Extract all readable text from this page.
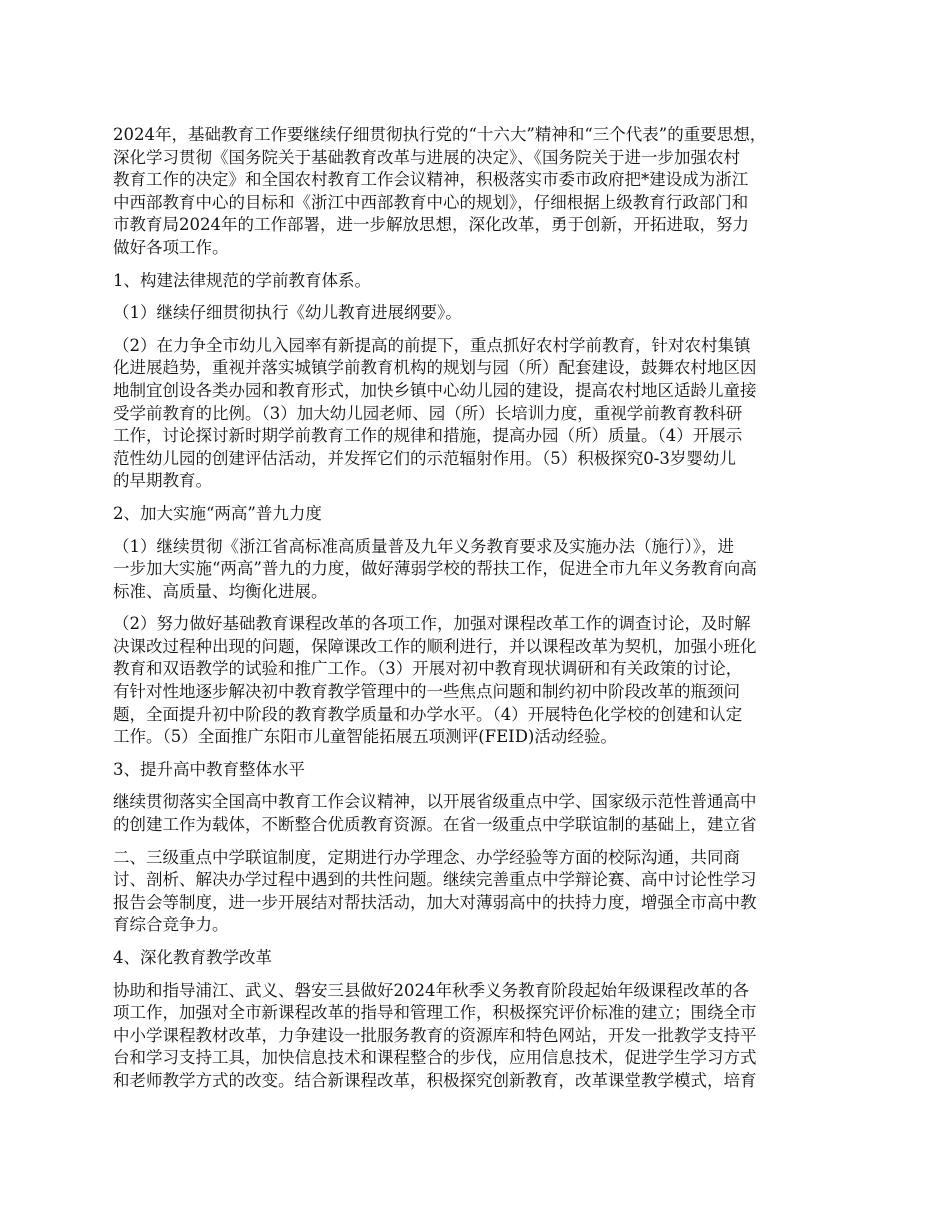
2024年，基础教育工作要继续仔细贯彻执行党的“十六大”精神和“三个代表”的重要思想，
深化学习贯彻《国务院关于基础教育改革与进展的决定》、《国务院关于进一步加强农村
教育工作的决定》和全国农村教育工作会议精神，积极落实市委市政府把*建设成为浙江
中西部教育中心的目标和《浙江中西部教育中心的规划》，仔细根据上级教育行政部门和
市教育局2024年的工作部署，进一步解放思想，深化改革，勇于创新，开拓进取，努力
做好各项工作。

1、构建法律规范的学前教育体系。

（1）继续仔细贯彻执行《幼儿教育进展纲要》。

（2）在力争全市幼儿入园率有新提高的前提下，重点抓好农村学前教育，针对农村集镇
化进展趋势，重视并落实城镇学前教育机构的规划与园（所）配套建设，鼓舞农村地区因
地制宜创设各类办园和教育形式，加快乡镇中心幼儿园的建设，提高农村地区适龄儿童接
受学前教育的比例。（3）加大幼儿园老师、园（所）长培训力度，重视学前教育教科研
工作，讨论探讨新时期学前教育工作的规律和措施，提高办园（所）质量。（4）开展示
范性幼儿园的创建评估活动，并发挥它们的示范辐射作用。（5）积极探究0-3岁婴幼儿
的早期教育。

2、加大实施“两高”普九力度

（1）继续贯彻《浙江省高标准高质量普及九年义务教育要求及实施办法（施行）》，进
一步加大实施“两高”普九的力度，做好薄弱学校的帮扶工作，促进全市九年义务教育向高
标准、高质量、均衡化进展。

（2）努力做好基础教育课程改革的各项工作，加强对课程改革工作的调查讨论，及时解
决课改过程种出现的问题，保障课改工作的顺利进行，并以课程改革为契机，加强小班化
教育和双语教学的试验和推广工作。（3）开展对初中教育现状调研和有关政策的讨论，
有针对性地逐步解决初中教育教学管理中的一些焦点问题和制约初中阶段改革的瓶颈问
题，全面提升初中阶段的教育教学质量和办学水平。（4）开展特色化学校的创建和认定
工作。（5）全面推广东阳市儿童智能拓展五项测评(FEID)活动经验。

3、提升高中教育整体水平

继续贯彻落实全国高中教育工作会议精神，以开展省级重点中学、国家级示范性普通高中
的创建工作为载体，不断整合优质教育资源。在省一级重点中学联谊制的基础上，建立省

二、三级重点中学联谊制度，定期进行办学理念、办学经验等方面的校际沟通，共同商
讨、剖析、解决办学过程中遇到的共性问题。继续完善重点中学辩论赛、高中讨论性学习
报告会等制度，进一步开展结对帮扶活动，加大对薄弱高中的扶持力度，增强全市高中教
育综合竞争力。

4、深化教育教学改革

协助和指导浦江、武义、磐安三县做好2024年秋季义务教育阶段起始年级课程改革的各
项工作，加强对全市新课程改革的指导和管理工作，积极探究评价标准的建立；围绕全市
中小学课程教材改革，力争建设一批服务教育的资源库和特色网站，开发一批教学支持平
台和学习支持工具，加快信息技术和课程整合的步伐，应用信息技术，促进学生学习方式
和老师教学方式的改变。结合新课程改革，积极探究创新教育，改革课堂教学模式，培育
